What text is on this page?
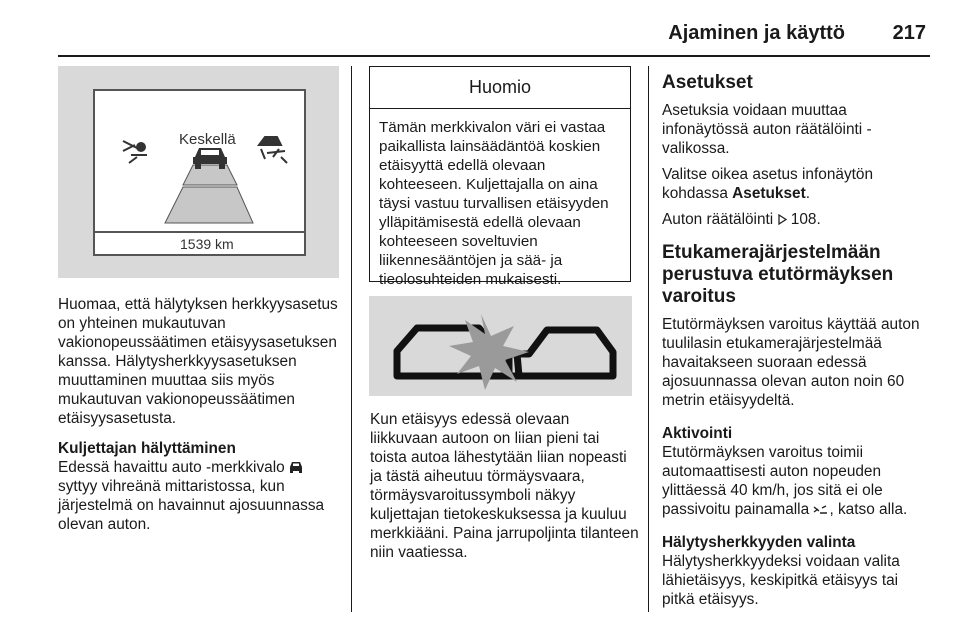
Ajaminen ja käyttö 217
Keskellä
1539 km

Huomaa, että hälytyksen herkkyysasetus on yhteinen mukautuvan vakionopeussäätimen etäisyysasetuksen kanssa. Hälytysherkkyysasetuksen muuttaminen muuttaa siis myös mukautuvan vakionopeussäätimen etäisyysasetusta.

Kuljettajan hälyttäminen

Edessä havaittu auto -merkkivalo  syttyy vihreänä mittaristossa, kun järjestelmä on havainnut ajosuunnassa olevan auton.

Huomio
Tämän merkkivalon väri ei vastaa paikallista lainsäädäntöä koskien etäisyyttä edellä olevaan kohteeseen. Kuljettajalla on aina täysi vastuu turvallisen etäisyyden ylläpitämisestä edellä olevaan kohteeseen soveltuvien liikennesääntöjen ja sää- ja tieolosuhteiden mukaisesti.

Kun etäisyys edessä olevaan liikkuvaan autoon on liian pieni tai toista autoa lähestytään liian nopeasti ja tästä aiheutuu törmäysvaara, törmäysvaroitussymboli näkyy kuljettajan tietokeskuksessa ja kuuluu merkkiääni. Paina jarrupoljinta tilanteen niin vaatiessa.

Asetukset

Asetuksia voidaan muuttaa infonäytössä auton räätälöinti -valikossa.

Valitse oikea asetus infonäytön kohdassa Asetukset.

Auton räätälöinti 108.

Etukamerajärjestelmään perustuva etutörmäyksen varoitus

Etutörmäyksen varoitus käyttää auton tuulilasin etukamerajärjestelmää havaitakseen suoraan edessä ajosuunnassa olevan auton noin 60 metrin etäisyydeltä.

Aktivointi

Etutörmäyksen varoitus toimii automaattisesti auton nopeuden ylittäessä 40 km/h, jos sitä ei ole passivoitu painamalla , katso alla.

Hälytysherkkyyden valinta

Hälytysherkkyydeksi voidaan valita lähietäisyys, keskipitkä etäisyys tai pitkä etäisyys.
